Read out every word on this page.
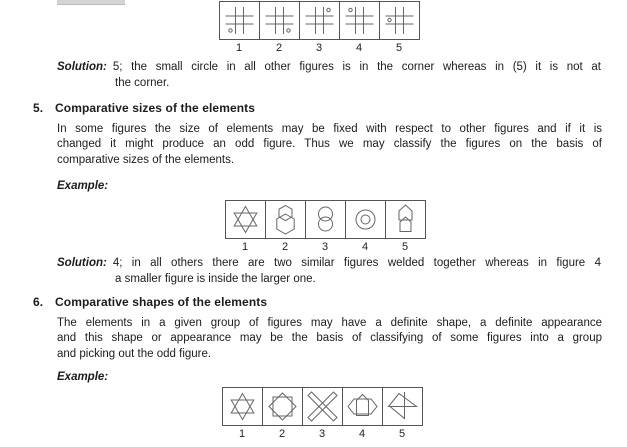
1	2	3	4	5
Solution: 5; the small circle in all other figures is in the corner whereas in (5) it is not at
the corner.
5. Comparative sizes of the elements
In some figures the size of elements may be fixed with respect to other figures and if it is
changed it might produce an odd figure. Thus we may classify the figures on the basis of
comparative sizes of the elements.
Example:
1	2	3	4	5
Solution: 4; in all others there are two similar figures welded together whereas in figure 4
a smaller figure is inside the larger one.
6. Comparative shapes of the elements
The elements in a given group of figures may have a definite shape, a definite appearance
and this shape or appearance may be the basis of classifying of some figures into a group
and picking out the odd figure.
Example:
1	2	3	4	5
